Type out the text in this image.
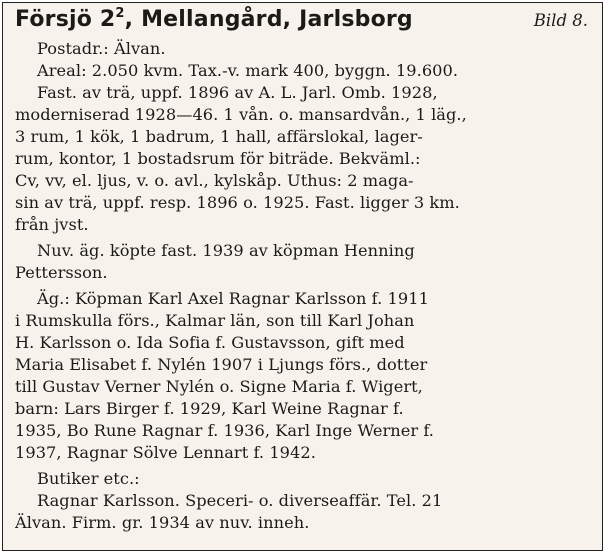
Försjö $2^2$, Mellangård, Jarlsborg	Bild 8.
Postadr.: Älvan.
Areal: 2.050 kvm. Tax.-v. mark 400, byggn. 19.600.
Fast. av trä, uppf. 1896 av A. L. Jarl. Omb. 1928,
moderniserad 1928—46. 1 vån. o. mansardvån., 1 läg.,
3 rum, 1 kök, 1 badrum, 1 hall, affärslokal, lager-
rum, kontor, 1 bostadsrum för biträde. Bekväml.:
Cv, vv, el. ljus, v. o. avl., kylskåp. Uthus: 2 maga-
sin av trä, uppf. resp. 1896 o. 1925. Fast. ligger 3 km.
från jvst.
Nuv. äg. köpte fast. 1939 av köpman Henning
Pettersson.
Äg.: Köpman Karl Axel Ragnar Karlsson f. 1911
i Rumskulla förs., Kalmar län, son till Karl Johan
H. Karlsson o. Ida Sofia f. Gustavsson, gift med
Maria Elisabet f. Nylén 1907 i Ljungs förs., dotter
till Gustav Verner Nylén o. Signe Maria f. Wigert,
barn: Lars Birger f. 1929, Karl Weine Ragnar f.
1935, Bo Rune Ragnar f. 1936, Karl Inge Werner f.
1937, Ragnar Sölve Lennart f. 1942.
Butiker etc.:
Ragnar Karlsson. Speceri- o. diverseaffär. Tel. 21
Älvan. Firm. gr. 1934 av nuv. inneh.
